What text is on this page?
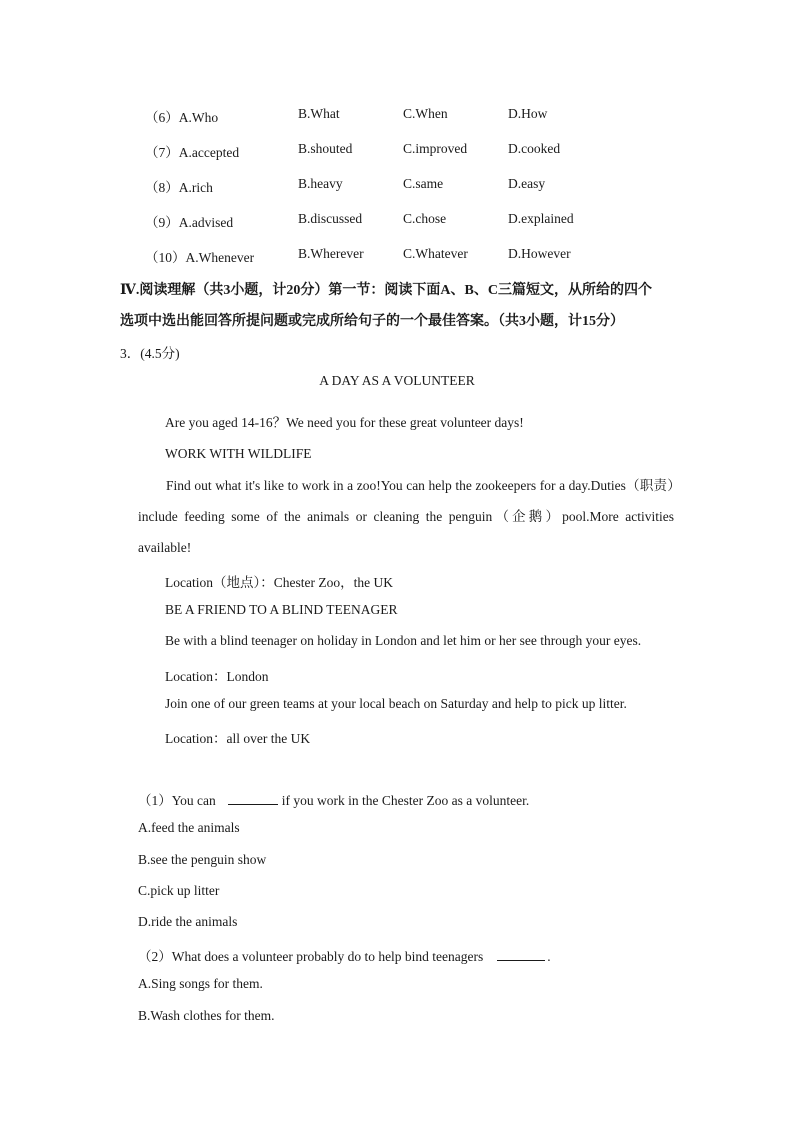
（6）A.Who	B.What	C.When	D.How
（7）A.accepted	B.shouted	C.improved	D.cooked
（8）A.rich	B.heavy	C.same	D.easy
（9）A.advised	B.discussed	C.chose	D.explained
（10）A.Whenever	B.Wherever	C.Whatever	D.However
Ⅳ.阅读理解（共3小题，计20分）第一节：阅读下面A、B、C三篇短文，从所给的四个
选项中选出能回答所提问题或完成所给句子的一个最佳答案。（共3小题，计15分）
3．(4.5分)
A DAY AS A VOLUNTEER
Are you aged 14-16？We need you for these great volunteer days!
WORK WITH WILDLIFE
Find out what it's like to work in a zoo!You can help the zookeepers for a day.Duties（职责）include feeding some of the animals or cleaning the penguin（企鹅）pool.More activities available!
Location（地点）：Chester Zoo，the UK
BE A FRIEND TO A BLIND TEENAGER
Be with a blind teenager on holiday in London and let him or her see through your eyes.
Location：London
Join one of our green teams at your local beach on Saturday and help to pick up litter.
Location：all over the UK
（1）You can	if you work in the Chester Zoo as a volunteer.
A.feed the animals
B.see the penguin show
C.pick up litter
D.ride the animals
（2）What does a volunteer probably do to help bind teenagers	.
A.Sing songs for them.
B.Wash clothes for them.
